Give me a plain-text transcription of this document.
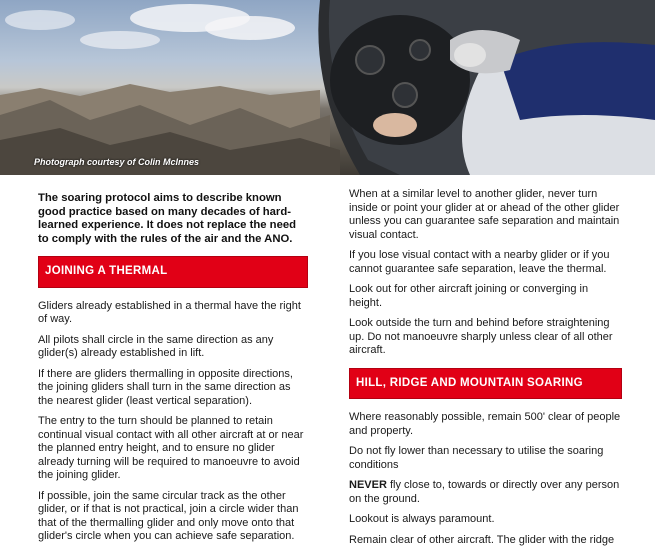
Photograph courtesy of Colin McInnes

The soaring protocol aims to describe known good practice based on many decades of hard-learned experience. It does not replace the need to comply with the rules of the air and the ANO.

JOINING A THERMAL

Gliders already established in a thermal have the right of way.

All pilots shall circle in the same direction as any glider(s) already established in lift.

If there are gliders thermalling in opposite directions, the joining gliders shall turn in the same direction as the nearest glider (least vertical separation).

The entry to the turn should be planned to retain continual visual contact with all other aircraft at or near the planned entry height, and to ensure no glider already turning will be required to manoeuvre to avoid the joining glider.

If possible, join the same circular track as the other glider, or if that is not practical, join a circle wider than that of the thermalling glider and only move onto that glider's circle when you can achieve safe separation.

When at a similar level to another glider, never turn inside or point your glider at or ahead of the other glider unless you can guarantee safe separation and maintain visual contact.

If you lose visual contact with a nearby glider or if you cannot guarantee safe separation, leave the thermal.

Look out for other aircraft joining or converging in height.

Look outside the turn and behind before straightening up. Do not manoeuvre sharply unless clear of all other aircraft.

HILL, RIDGE AND MOUNTAIN SOARING

Where reasonably possible, remain 500' clear of people and property.

Do not fly lower than necessary to utilise the soaring conditions

NEVER fly close to, towards or directly over any person on the ground.

Lookout is always paramount.

Remain clear of other aircraft. The glider with the ridge
